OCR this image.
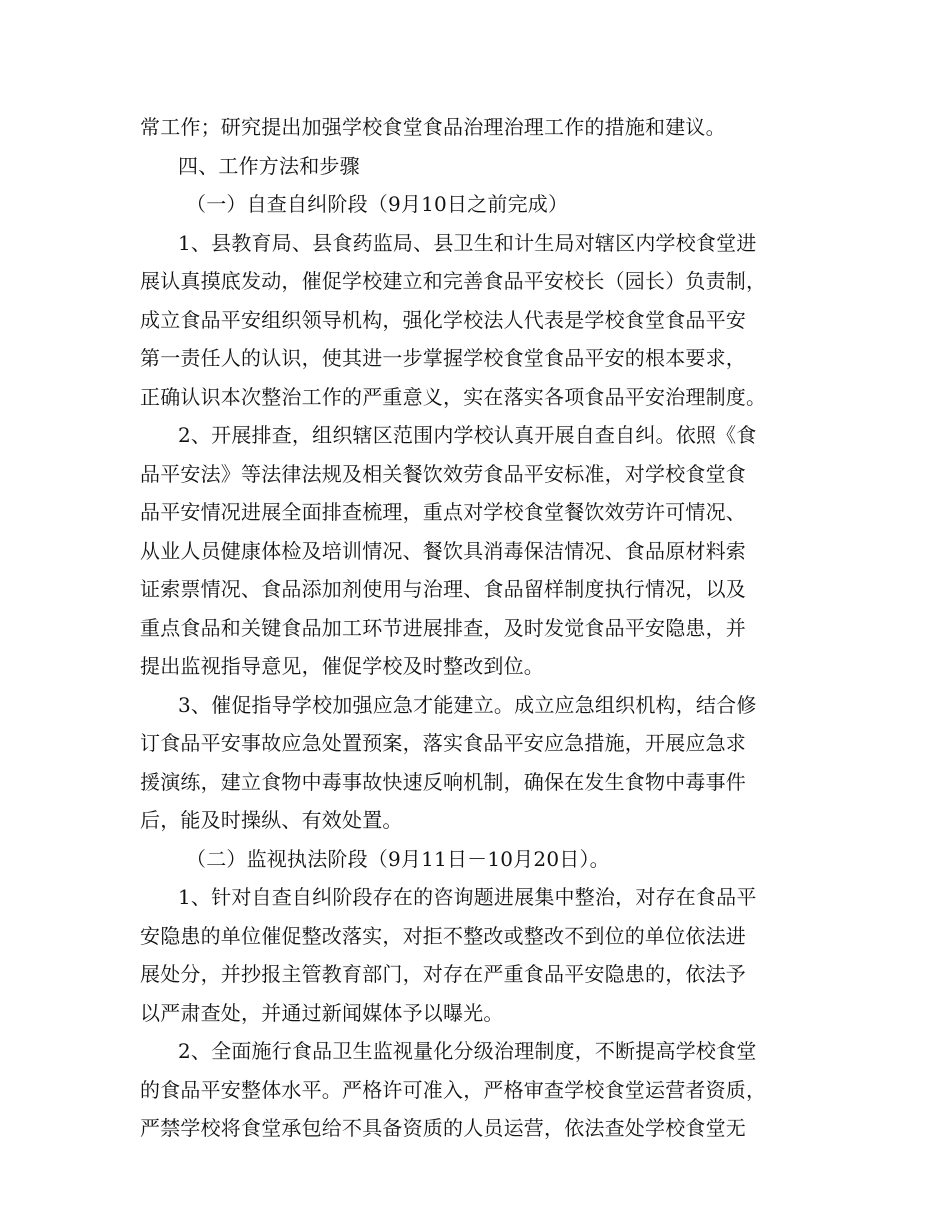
常工作；研究提出加强学校食堂食品治理治理工作的措施和建议。
四、工作方法和步骤
（一）自查自纠阶段（9月10日之前完成）
1、县教育局、县食药监局、县卫生和计生局对辖区内学校食堂进
展认真摸底发动，催促学校建立和完善食品平安校长（园长）负责制，
成立食品平安组织领导机构，强化学校法人代表是学校食堂食品平安
第一责任人的认识，使其进一步掌握学校食堂食品平安的根本要求，
正确认识本次整治工作的严重意义，实在落实各项食品平安治理制度。
2、开展排查，组织辖区范围内学校认真开展自查自纠。依照《食
品平安法》等法律法规及相关餐饮效劳食品平安标准，对学校食堂食
品平安情况进展全面排查梳理，重点对学校食堂餐饮效劳许可情况、
从业人员健康体检及培训情况、餐饮具消毒保洁情况、食品原材料索
证索票情况、食品添加剂使用与治理、食品留样制度执行情况，以及
重点食品和关键食品加工环节进展排查，及时发觉食品平安隐患，并
提出监视指导意见，催促学校及时整改到位。
3、催促指导学校加强应急才能建立。成立应急组织机构，结合修
订食品平安事故应急处置预案，落实食品平安应急措施，开展应急求
援演练，建立食物中毒事故快速反响机制，确保在发生食物中毒事件
后，能及时操纵、有效处置。
（二）监视执法阶段（9月11日－10月20日）。
1、针对自查自纠阶段存在的咨询题进展集中整治，对存在食品平
安隐患的单位催促整改落实，对拒不整改或整改不到位的单位依法进
展处分，并抄报主管教育部门，对存在严重食品平安隐患的，依法予
以严肃查处，并通过新闻媒体予以曝光。
2、全面施行食品卫生监视量化分级治理制度，不断提高学校食堂
的食品平安整体水平。严格许可准入，严格审查学校食堂运营者资质，
严禁学校将食堂承包给不具备资质的人员运营，依法查处学校食堂无
